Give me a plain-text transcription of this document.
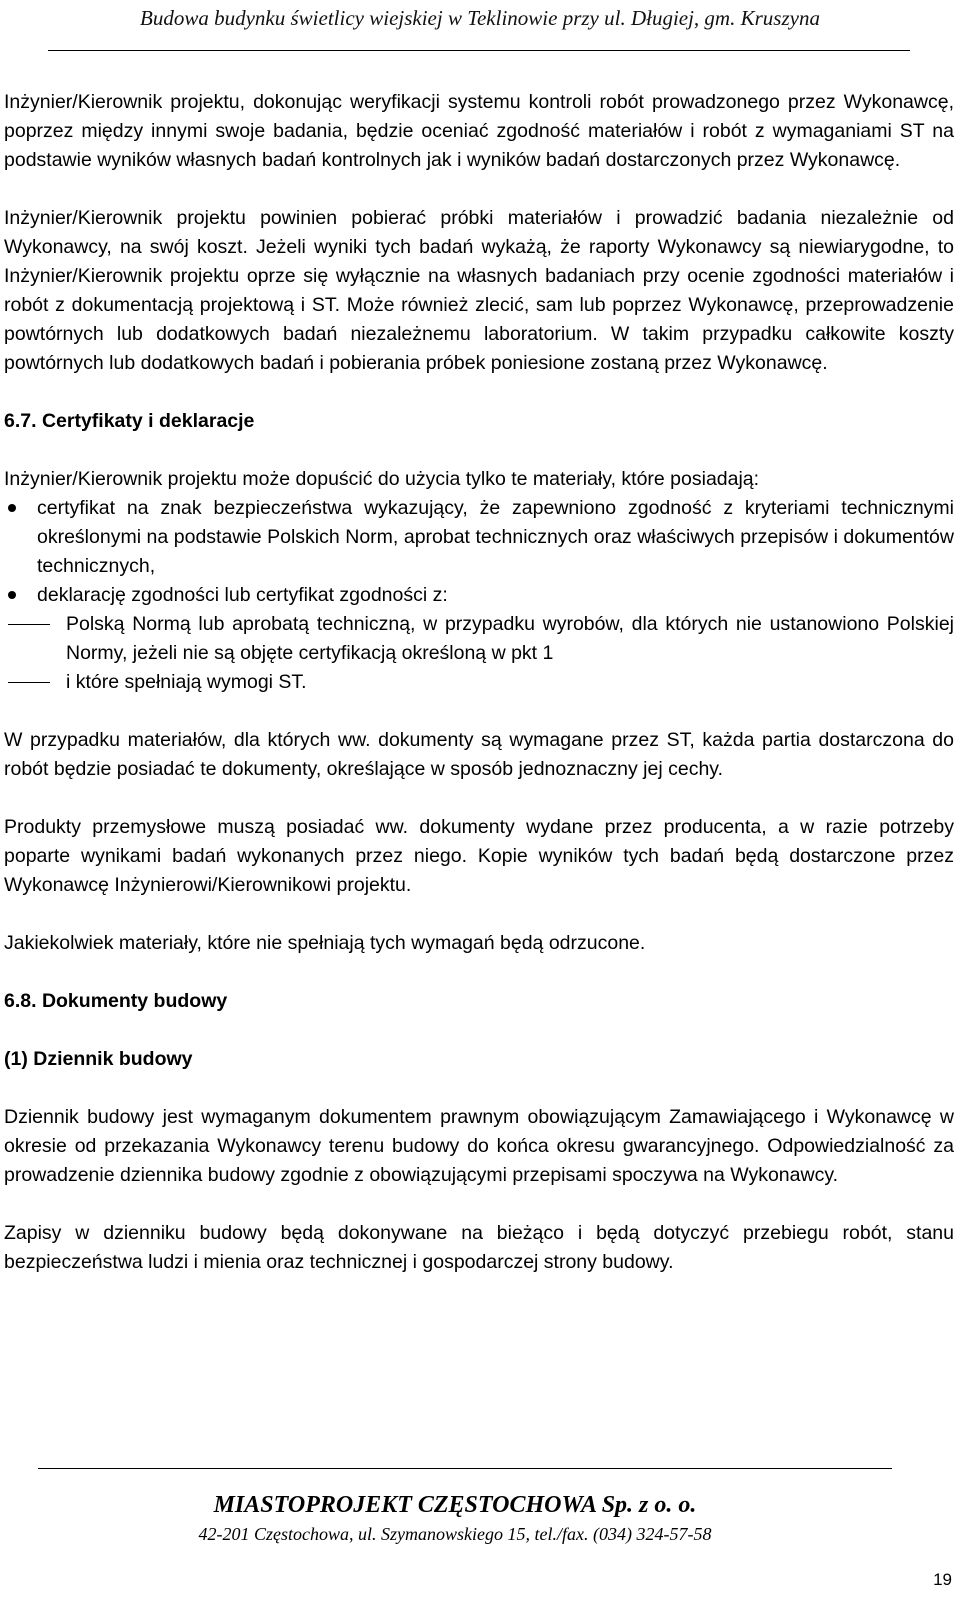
Budowa budynku świetlicy wiejskiej w Teklinowie przy ul. Długiej, gm. Kruszyna

Inżynier/Kierownik projektu, dokonując weryfikacji systemu kontroli robót prowadzonego przez Wykonawcę, poprzez między innymi swoje badania, będzie oceniać zgodność materiałów i robót z wymaganiami ST na podstawie wyników własnych badań kontrolnych jak i wyników badań dostarczonych przez Wykonawcę.

Inżynier/Kierownik projektu powinien pobierać próbki materiałów i prowadzić badania niezależnie od Wykonawcy, na swój koszt. Jeżeli wyniki tych badań wykażą, że raporty Wykonawcy są niewiarygodne, to Inżynier/Kierownik projektu oprze się wyłącznie na własnych badaniach przy ocenie zgodności materiałów i robót z dokumentacją projektową i ST. Może również zlecić, sam lub poprzez Wykonawcę, przeprowadzenie powtórnych lub dodatkowych badań niezależnemu laboratorium. W takim przypadku całkowite koszty powtórnych lub dodatkowych badań i pobierania próbek poniesione zostaną przez Wykonawcę.

6.7. Certyfikaty i deklaracje

Inżynier/Kierownik projektu może dopuścić do użycia tylko te materiały, które posiadają:

certyfikat na znak bezpieczeństwa wykazujący, że zapewniono zgodność z kryteriami technicznymi określonymi na podstawie Polskich Norm, aprobat technicznych oraz właściwych przepisów i dokumentów technicznych,
deklarację zgodności lub certyfikat zgodności z:
Polską Normą lub aprobatą techniczną, w przypadku wyrobów, dla których nie ustanowiono Polskiej Normy, jeżeli nie są objęte certyfikacją określoną w pkt 1
i które spełniają wymogi ST.

W przypadku materiałów, dla których ww. dokumenty są wymagane przez ST, każda partia dostarczona do robót będzie posiadać te dokumenty, określające w sposób jednoznaczny jej cechy.

Produkty przemysłowe muszą posiadać ww. dokumenty wydane przez producenta, a w razie potrzeby poparte wynikami badań wykonanych przez niego. Kopie wyników tych badań będą dostarczone przez Wykonawcę Inżynierowi/Kierownikowi projektu.

Jakiekolwiek materiały, które nie spełniają tych wymagań będą odrzucone.

6.8. Dokumenty budowy

(1) Dziennik budowy

Dziennik budowy jest wymaganym dokumentem prawnym obowiązującym Zamawiającego i Wykonawcę w okresie od przekazania Wykonawcy terenu budowy do końca okresu gwarancyjnego. Odpowiedzialność za prowadzenie dziennika budowy zgodnie z obowiązującymi przepisami spoczywa na Wykonawcy.

Zapisy w dzienniku budowy będą dokonywane na bieżąco i będą dotyczyć przebiegu robót, stanu bezpieczeństwa ludzi i mienia oraz technicznej i gospodarczej strony budowy.

MIASTOPROJEKT CZĘSTOCHOWA Sp. z o. o.
42-201 Częstochowa, ul. Szymanowskiego 15, tel./fax. (034) 324-57-58
19
